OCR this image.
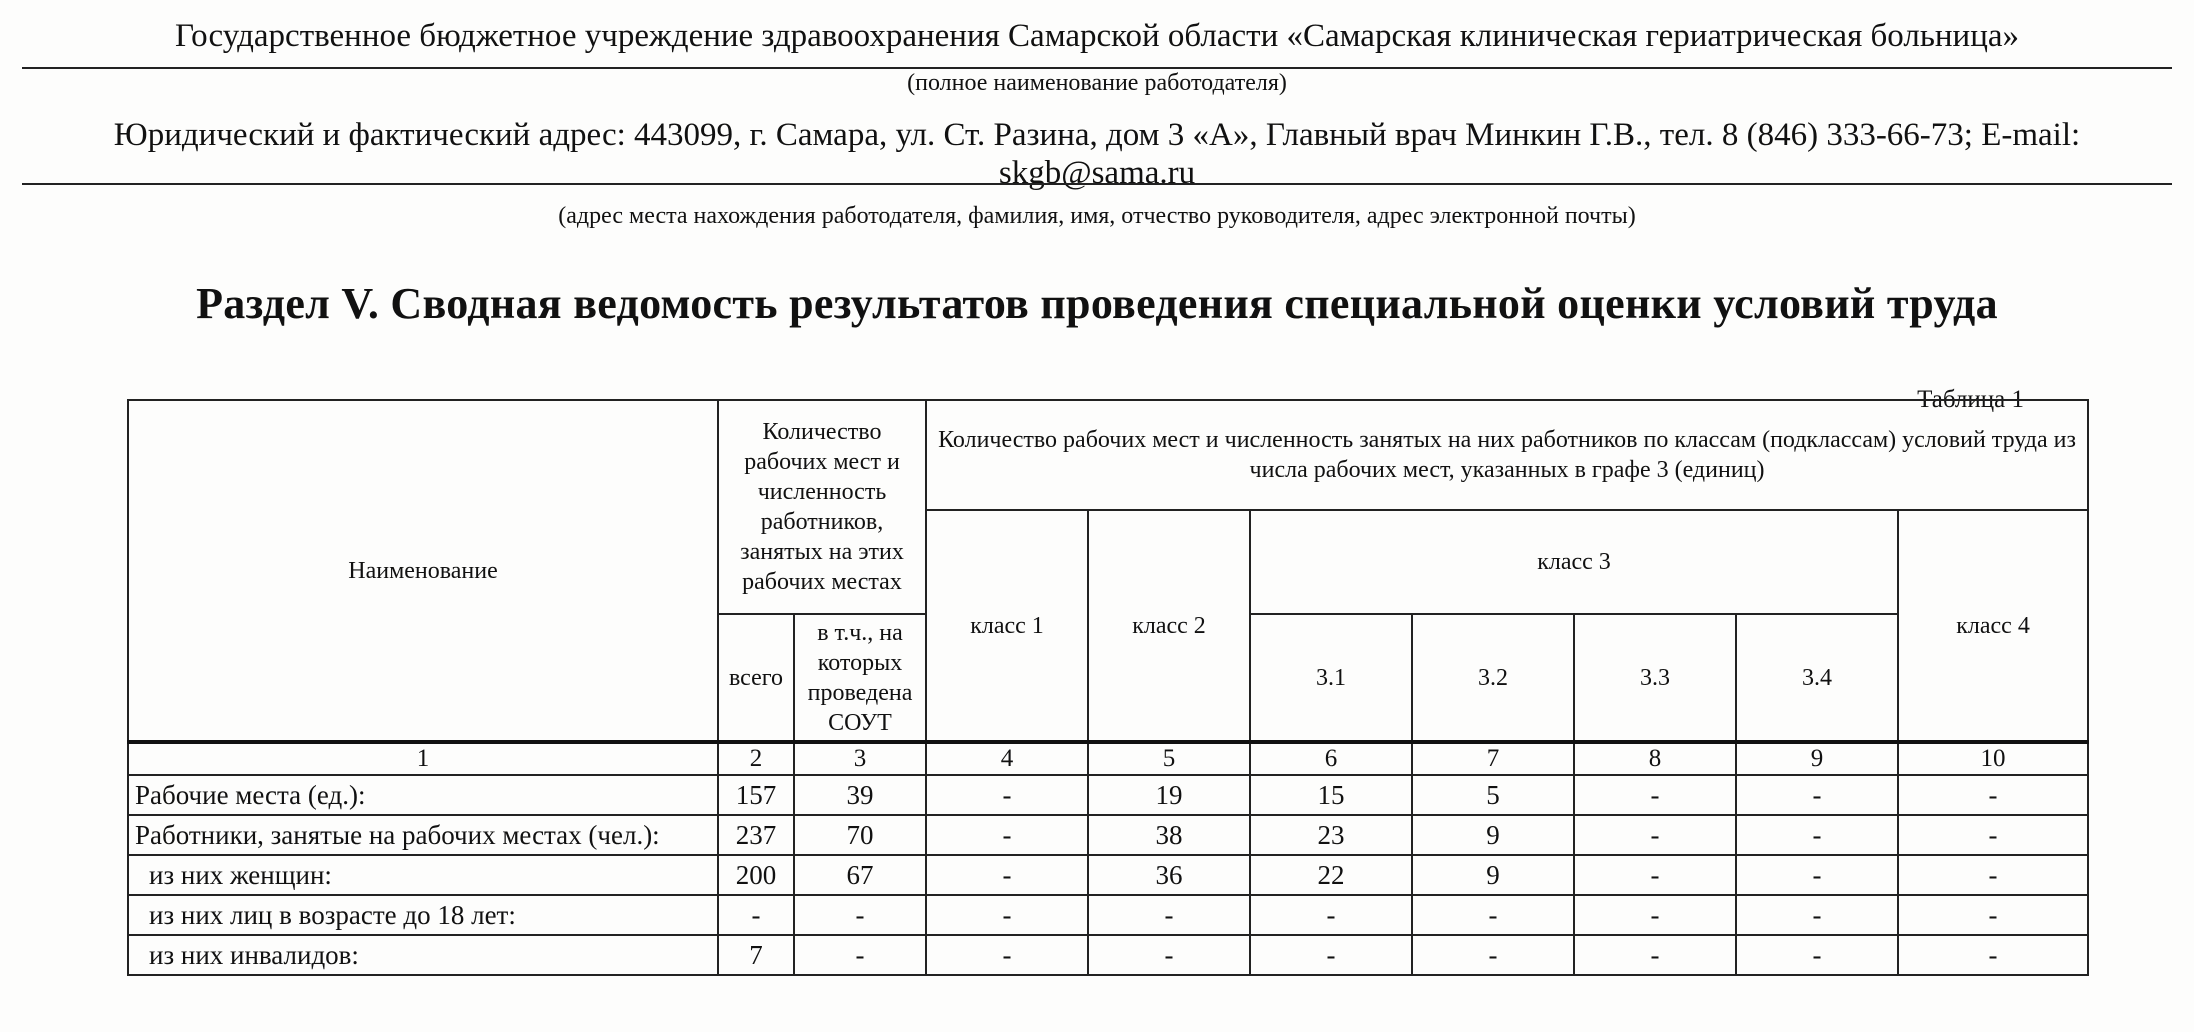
Государственное бюджетное учреждение здравоохранения Самарской области «Самарская клиническая гериатрическая больница»
(полное наименование работодателя)
Юридический и фактический адрес: 443099, г. Самара, ул. Ст. Разина, дом 3 «А», Главный врач Минкин Г.В., тел. 8 (846) 333-66-73; E-mail:
skgb@sama.ru
(адрес места нахождения работодателя, фамилия, имя, отчество руководителя, адрес электронной почты)
Раздел V. Сводная ведомость результатов проведения специальной оценки условий труда
Таблица 1
Наименование	Количество рабочих мест и численность работников, занятых на этих рабочих местах		Количество рабочих мест и численность занятых на них работников по классам (подклассам) условий труда из числа рабочих мест, указанных в графе 3 (единиц)						
			класс 1	класс 2	класс 3				класс 4
	всего	в т.ч., на которых проведена СОУТ			3.1	3.2	3.3	3.4	
1	2	3	4	5	6	7	8	9	10
Рабочие места (ед.):	157	39	-	19	15	5	-	-	-
Работники, занятые на рабочих местах (чел.):	237	70	-	38	23	9	-	-	-
из них женщин:	200	67	-	36	22	9	-	-	-
из них лиц в возрасте до 18 лет:	-	-	-	-	-	-	-	-	-
из них инвалидов:	7	-	-	-	-	-	-	-	-
